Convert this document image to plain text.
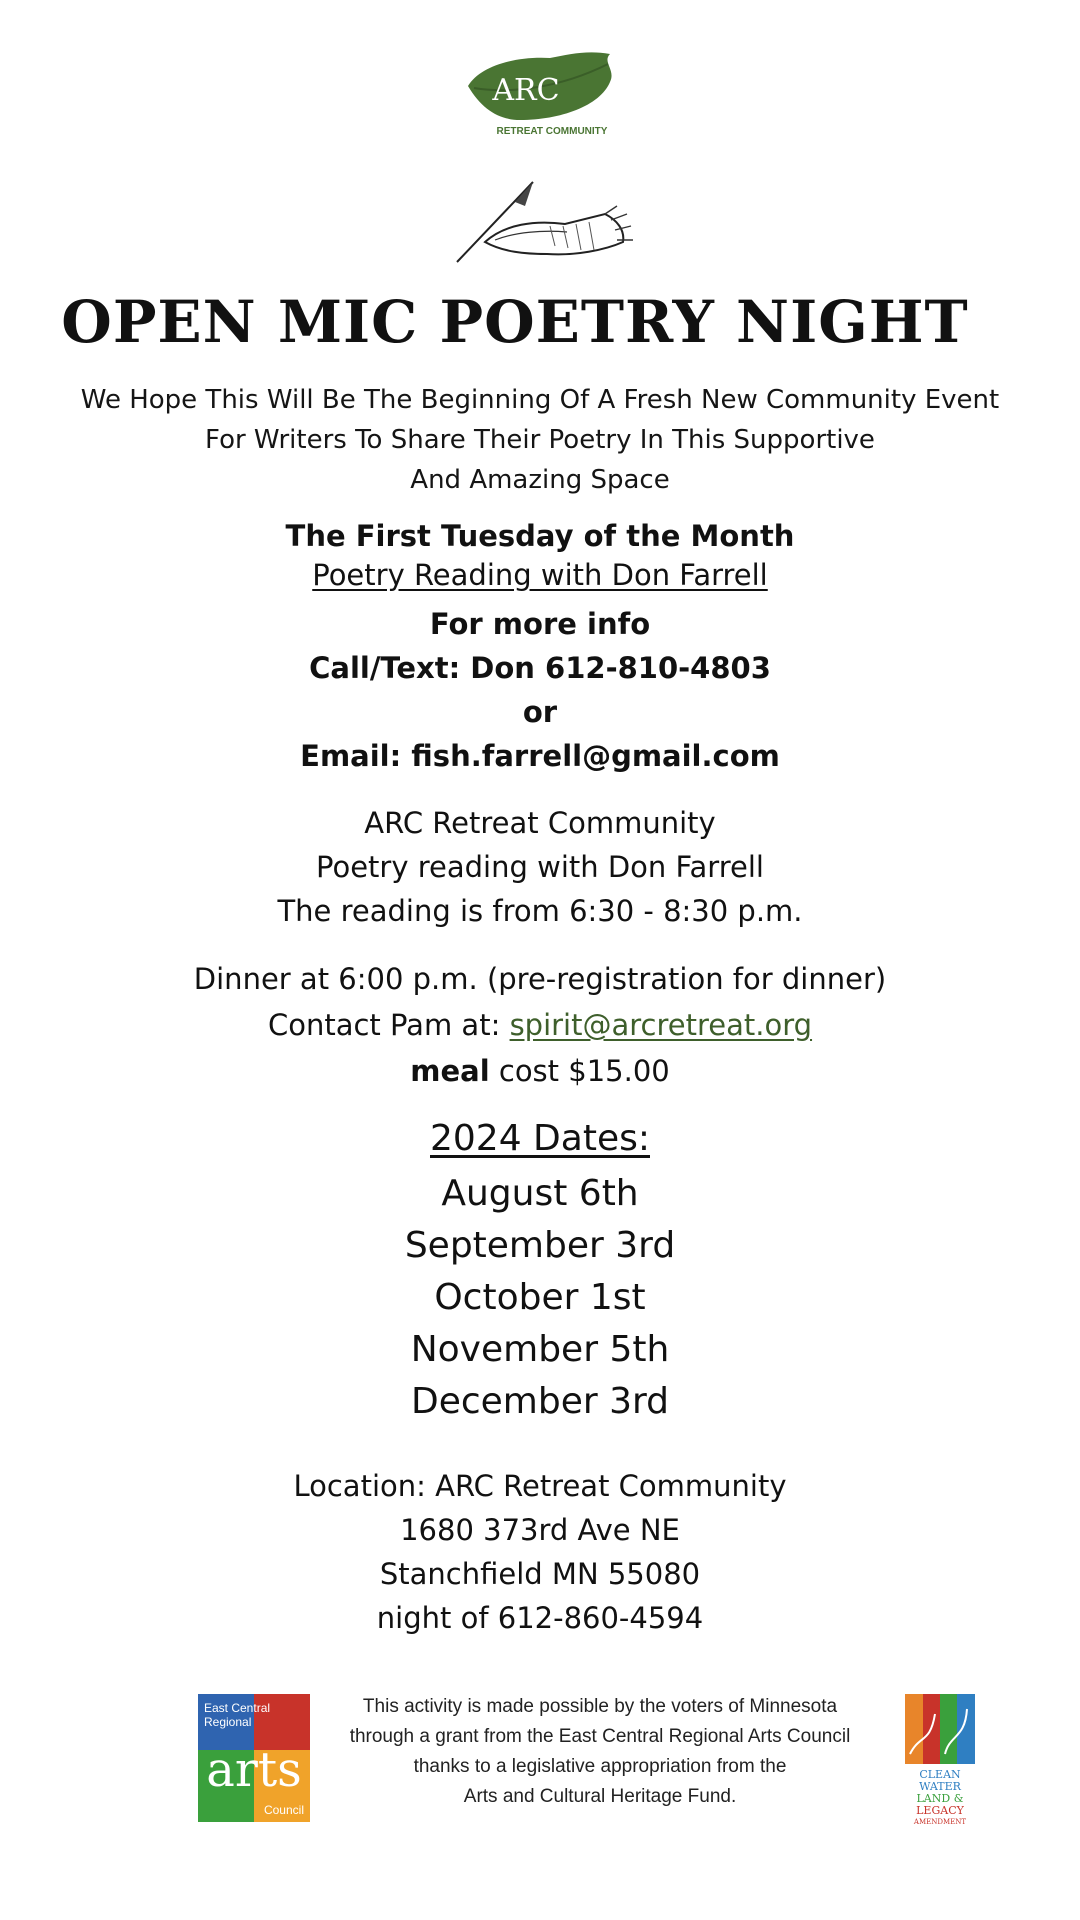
ARC
RETREAT COMMUNITY
OPEN MIC POETRY NIGHT
We Hope This Will Be The Beginning Of A Fresh New Community Event
For Writers To Share Their Poetry In This Supportive
And Amazing Space
The First Tuesday of the Month
Poetry Reading with Don Farrell
For more info
Call/Text: Don 612-810-4803
or
Email: fish.farrell@gmail.com
ARC Retreat Community
Poetry reading with Don Farrell
The reading is from 6:30 - 8:30 p.m.
Dinner at 6:00 p.m. (pre-registration for dinner)
Contact Pam at: spirit@arcretreat.org
meal cost $15.00
2024 Dates:
August 6th
September 3rd
October 1st
November 5th
December 3rd
Location: ARC Retreat Community
1680 373rd Ave NE
Stanchfield MN 55080
night of 612-860-4594
East Central
Regional
arts
Council
This activity is made possible by the voters of Minnesota
through a grant from the East Central Regional Arts Council
thanks to a legislative appropriation from the
Arts and Cultural Heritage Fund.
CLEAN
WATER
LAND &
LEGACY
AMENDMENT
